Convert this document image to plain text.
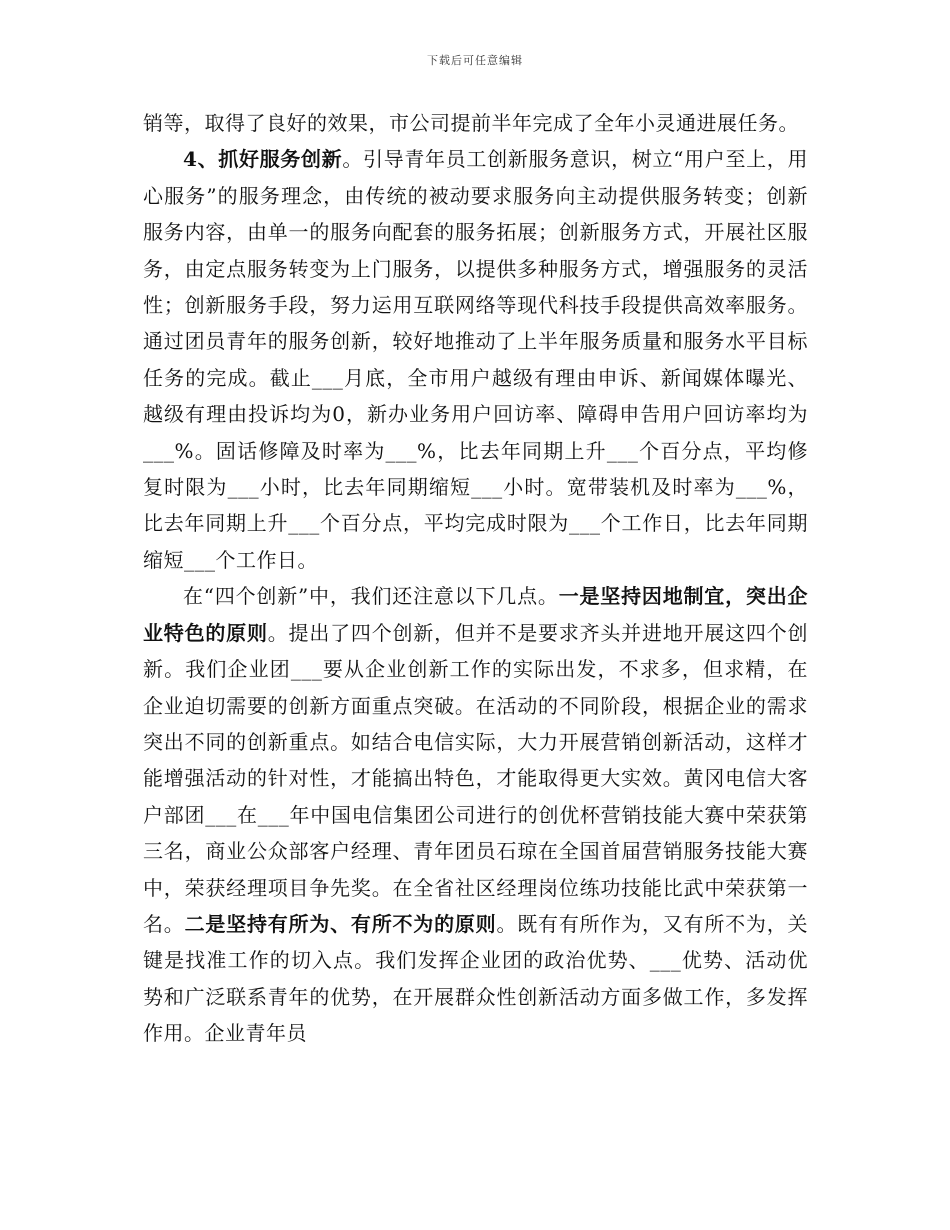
下载后可任意编辑

销等，取得了良好的效果，市公司提前半年完成了全年小灵通进展任务。

4、抓好服务创新。引导青年员工创新服务意识，树立“用户至上，用心服务”的服务理念，由传统的被动要求服务向主动提供服务转变；创新服务内容，由单一的服务向配套的服务拓展；创新服务方式，开展社区服务，由定点服务转变为上门服务，以提供多种服务方式，增强服务的灵活性；创新服务手段，努力运用互联网络等现代科技手段提供高效率服务。通过团员青年的服务创新，较好地推动了上半年服务质量和服务水平目标任务的完成。截止___月底，全市用户越级有理由申诉、新闻媒体曝光、越级有理由投诉均为0，新办业务用户回访率、障碍申告用户回访率均为___%。固话修障及时率为___%，比去年同期上升___个百分点，平均修复时限为___小时，比去年同期缩短___小时。宽带装机及时率为___%，比去年同期上升___个百分点，平均完成时限为___个工作日，比去年同期缩短___个工作日。

在“四个创新”中，我们还注意以下几点。一是坚持因地制宜，突出企业特色的原则。提出了四个创新，但并不是要求齐头并进地开展这四个创新。我们企业团___要从企业创新工作的实际出发，不求多，但求精，在企业迫切需要的创新方面重点突破。在活动的不同阶段，根据企业的需求突出不同的创新重点。如结合电信实际，大力开展营销创新活动，这样才能增强活动的针对性，才能搞出特色，才能取得更大实效。黄冈电信大客户部团___在___年中国电信集团公司进行的创优杯营销技能大赛中荣获第三名，商业公众部客户经理、青年团员石琼在全国首届营销服务技能大赛中，荣获经理项目争先奖。在全省社区经理岗位练功技能比武中荣获第一名。二是坚持有所为、有所不为的原则。既有有所作为，又有所不为，关键是找准工作的切入点。我们发挥企业团的政治优势、___优势、活动优势和广泛联系青年的优势，在开展群众性创新活动方面多做工作，多发挥作用。企业青年员
